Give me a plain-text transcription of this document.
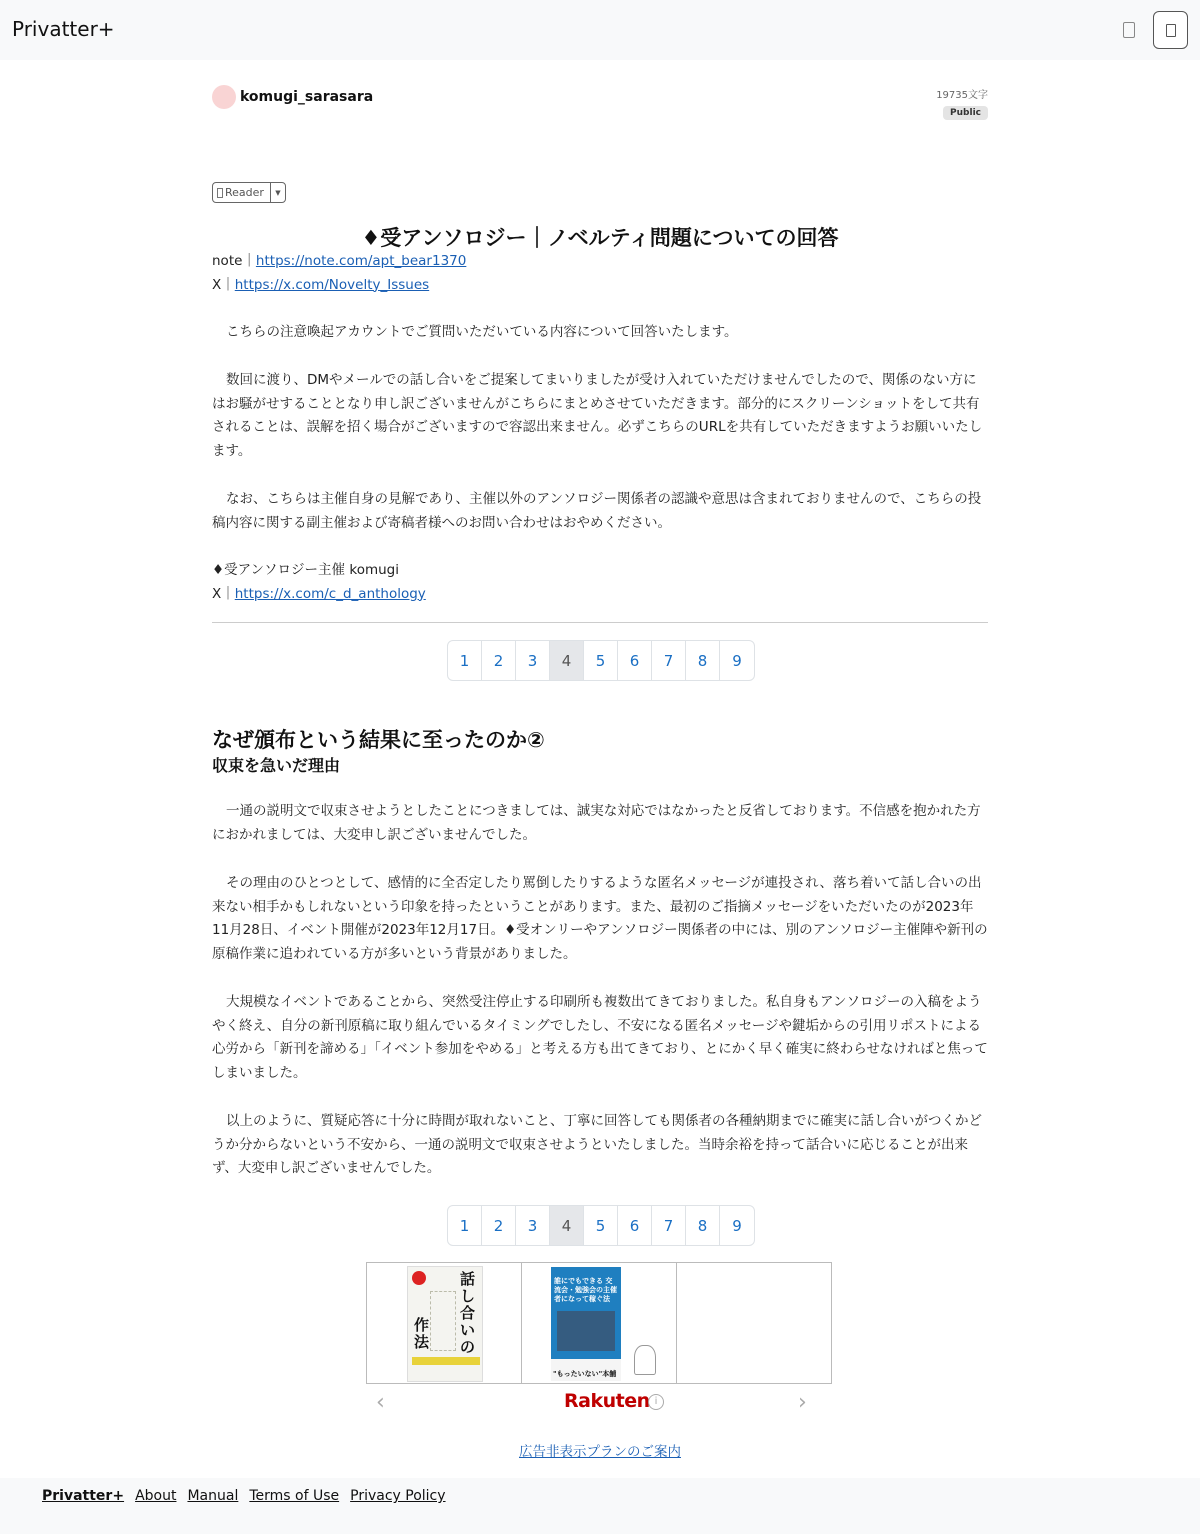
Privatter+
komugi_sarasara	19735文字
Public
Reader	▼
♦受アンソロジー｜ノベルティ問題についての回答
note｜https://note.com/apt_bear1370
X｜https://x.com/Novelty_Issues

こちらの注意喚起アカウントでご質問いただいている内容について回答いたします。

数回に渡り、DMやメールでの話し合いをご提案してまいりましたが受け入れていただけませんでしたので、関係のない方にはお騒がせすることとなり申し訳ございませんがこちらにまとめさせていただきます。部分的にスクリーンショットをして共有されることは、誤解を招く場合がございますので容認出来ません。必ずこちらのURLを共有していただきますようお願いいたします。

なお、こちらは主催自身の見解であり、主催以外のアンソロジー関係者の認識や意思は含まれておりませんので、こちらの投稿内容に関する副主催および寄稿者様へのお問い合わせはおやめください。

♦受アンソロジー主催 komugi
X｜https://x.com/c_d_anthology
1	2	3	4	5	6	7	8	9
なぜ頒布という結果に至ったのか②
収束を急いだ理由

一通の説明文で収束させようとしたことにつきましては、誠実な対応ではなかったと反省しております。不信感を抱かれた方におかれましては、大変申し訳ございませんでした。

その理由のひとつとして、感情的に全否定したり罵倒したりするような匿名メッセージが連投され、落ち着いて話し合いの出来ない相手かもしれないという印象を持ったということがあります。また、最初のご指摘メッセージをいただいたのが2023年11月28日、イベント開催が2023年12月17日。♦受オンリーやアンソロジー関係者の中には、別のアンソロジー主催陣や新刊の原稿作業に追われている方が多いという背景がありました。

大規模なイベントであることから、突然受注停止する印刷所も複数出てきておりました。私自身もアンソロジーの入稿をようやく終え、自分の新刊原稿に取り組んでいるタイミングでしたし、不安になる匿名メッセージや鍵垢からの引用リポストによる心労から「新刊を諦める」「イベント参加をやめる」と考える方も出てきており、とにかく早く確実に終わらせなければと焦ってしまいました。

以上のように、質疑応答に十分に時間が取れないこと、丁寧に回答しても関係者の各種納期までに確実に話し合いがつくかどうか分からないという不安から、一通の説明文で収束させようといたしました。当時余裕を持って話合いに応じることが出来ず、大変申し訳ございませんでした。

1	2	3	4	5	6	7	8	9
話し合いの
作法
誰にでもできる 交流会・勉強会の主催者になって稼ぐ法
"もったいない"本舗
‹	Rakuten i	›
広告非表示プランのご案内
Privatter+ About Manual Terms of Use Privacy Policy
